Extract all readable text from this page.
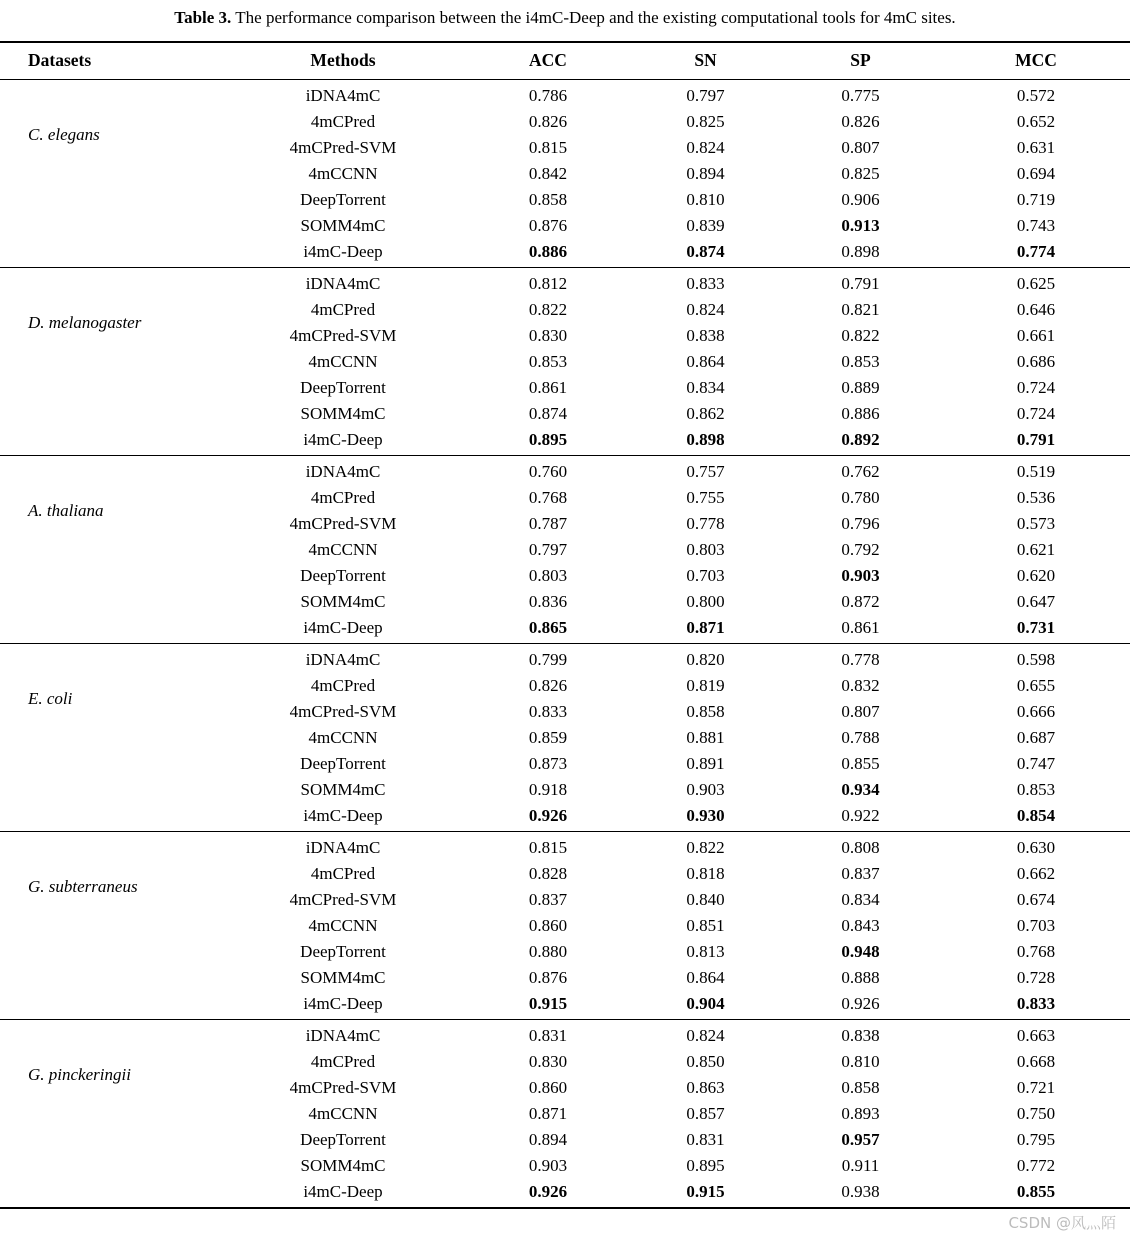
Table 3. The performance comparison between the i4mC-Deep and the existing computational tools for 4mC sites.
Datasets	Methods	ACC	SN	SP	MCC
C. elegans	iDNA4mC	0.786	0.797	0.775	0.572
	4mCPred	0.826	0.825	0.826	0.652
	4mCPred-SVM	0.815	0.824	0.807	0.631
	4mCCNN	0.842	0.894	0.825	0.694
	DeepTorrent	0.858	0.810	0.906	0.719
	SOMM4mC	0.876	0.839	0.913	0.743
	i4mC-Deep	0.886	0.874	0.898	0.774
D. melanogaster	iDNA4mC	0.812	0.833	0.791	0.625
	4mCPred	0.822	0.824	0.821	0.646
	4mCPred-SVM	0.830	0.838	0.822	0.661
	4mCCNN	0.853	0.864	0.853	0.686
	DeepTorrent	0.861	0.834	0.889	0.724
	SOMM4mC	0.874	0.862	0.886	0.724
	i4mC-Deep	0.895	0.898	0.892	0.791
A. thaliana	iDNA4mC	0.760	0.757	0.762	0.519
	4mCPred	0.768	0.755	0.780	0.536
	4mCPred-SVM	0.787	0.778	0.796	0.573
	4mCCNN	0.797	0.803	0.792	0.621
	DeepTorrent	0.803	0.703	0.903	0.620
	SOMM4mC	0.836	0.800	0.872	0.647
	i4mC-Deep	0.865	0.871	0.861	0.731
E. coli	iDNA4mC	0.799	0.820	0.778	0.598
	4mCPred	0.826	0.819	0.832	0.655
	4mCPred-SVM	0.833	0.858	0.807	0.666
	4mCCNN	0.859	0.881	0.788	0.687
	DeepTorrent	0.873	0.891	0.855	0.747
	SOMM4mC	0.918	0.903	0.934	0.853
	i4mC-Deep	0.926	0.930	0.922	0.854
G. subterraneus	iDNA4mC	0.815	0.822	0.808	0.630
	4mCPred	0.828	0.818	0.837	0.662
	4mCPred-SVM	0.837	0.840	0.834	0.674
	4mCCNN	0.860	0.851	0.843	0.703
	DeepTorrent	0.880	0.813	0.948	0.768
	SOMM4mC	0.876	0.864	0.888	0.728
	i4mC-Deep	0.915	0.904	0.926	0.833
G. pinckeringii	iDNA4mC	0.831	0.824	0.838	0.663
	4mCPred	0.830	0.850	0.810	0.668
	4mCPred-SVM	0.860	0.863	0.858	0.721
	4mCCNN	0.871	0.857	0.893	0.750
	DeepTorrent	0.894	0.831	0.957	0.795
	SOMM4mC	0.903	0.895	0.911	0.772
	i4mC-Deep	0.926	0.915	0.938	0.855
CSDN @风灬陌
